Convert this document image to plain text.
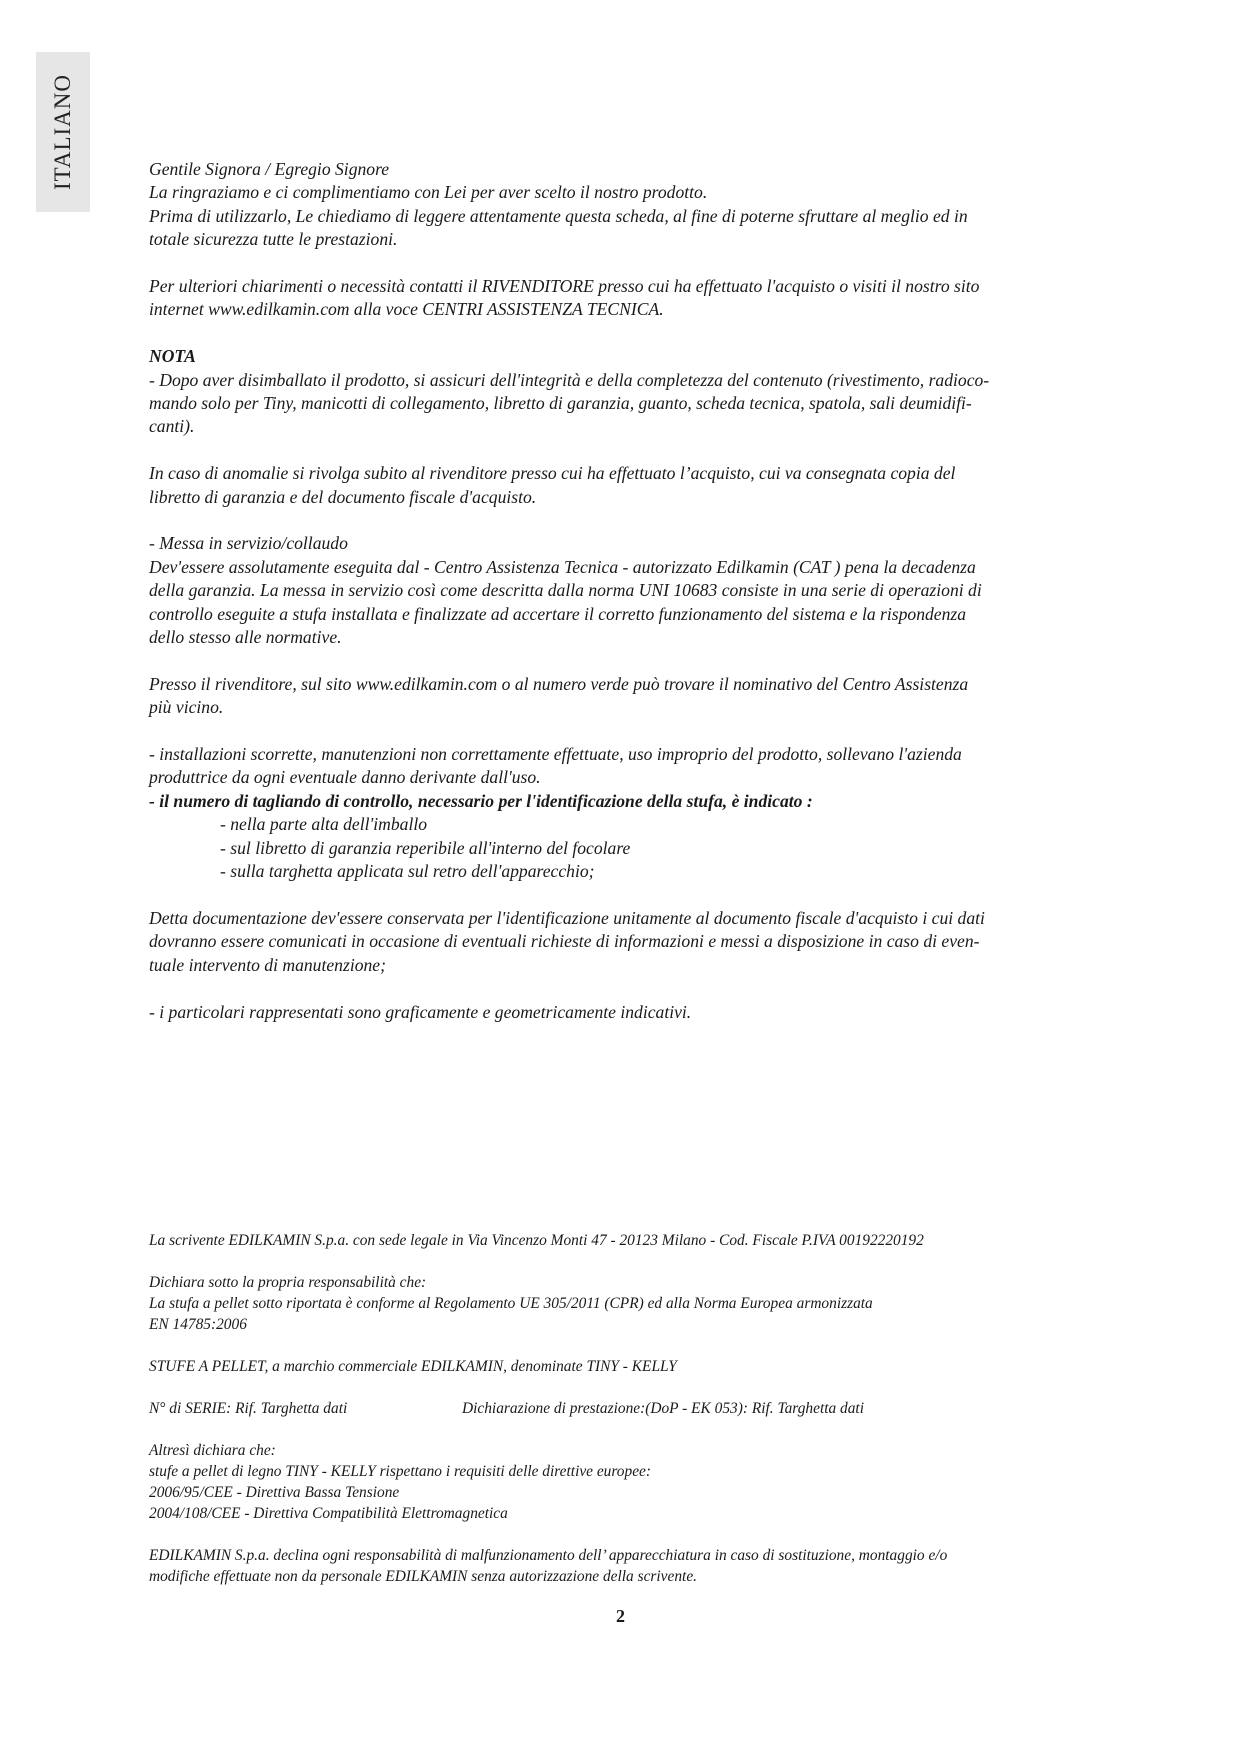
ITALIANO	Gentile Signora / Egregio Signore
La ringraziamo e ci complimentiamo con Lei per aver scelto il nostro prodotto.
Prima di utilizzarlo, Le chiediamo di leggere attentamente questa scheda, al fine di poterne sfruttare al meglio ed in
totale sicurezza tutte le prestazioni.

Per ulteriori chiarimenti o necessità contatti il RIVENDITORE presso cui ha effettuato l'acquisto o visiti il nostro sito
internet www.edilkamin.com alla voce CENTRI ASSISTENZA TECNICA.

NOTA
- Dopo aver disimballato il prodotto, si assicuri dell'integrità e della completezza del contenuto (rivestimento, radioco-
mando solo per Tiny, manicotti di collegamento, libretto di garanzia, guanto, scheda tecnica, spatola, sali deumidifi-
canti).

In caso di anomalie si rivolga subito al rivenditore presso cui ha effettuato l’acquisto, cui va consegnata copia del
libretto di garanzia e del documento fiscale d'acquisto.

- Messa in servizio/collaudo
Dev'essere assolutamente eseguita dal - Centro Assistenza Tecnica - autorizzato Edilkamin (CAT ) pena la decadenza
della garanzia. La messa in servizio così come descritta dalla norma UNI 10683 consiste in una serie di operazioni di
controllo eseguite a stufa installata e finalizzate ad accertare il corretto funzionamento del sistema e la rispondenza
dello stesso alle normative.

Presso il rivenditore, sul sito www.edilkamin.com o al numero verde può trovare il nominativo del Centro Assistenza
più vicino.

- installazioni scorrette, manutenzioni non correttamente effettuate, uso improprio del prodotto, sollevano l'azienda
produttrice da ogni eventuale danno derivante dall'uso.
- il numero di tagliando di controllo, necessario per l'identificazione della stufa, è indicato :
- nella parte alta dell'imballo
- sul libretto di garanzia reperibile all'interno del focolare
- sulla targhetta applicata sul retro dell'apparecchio;

Detta documentazione dev'essere conservata per l'identificazione unitamente al documento fiscale d'acquisto i cui dati
dovranno essere comunicati in occasione di eventuali richieste di informazioni e messi a disposizione in caso di even-
tuale intervento di manutenzione;

- i particolari rappresentati sono graficamente e geometricamente indicativi.

La scrivente EDILKAMIN S.p.a. con sede legale in Via Vincenzo Monti 47 - 20123 Milano - Cod. Fiscale P.IVA 00192220192

Dichiara sotto la propria responsabilità che:
La stufa a pellet sotto riportata è conforme al Regolamento UE 305/2011 (CPR) ed alla Norma Europea armonizzata
EN 14785:2006

STUFE A PELLET, a marchio commerciale EDILKAMIN, denominate TINY - KELLY

N° di SERIE: Rif. Targhetta dati	Dichiarazione di prestazione:(DoP - EK 053): Rif. Targhetta dati

Altresì dichiara che:
stufe a pellet di legno TINY - KELLY rispettano i requisiti delle direttive europee:
2006/95/CEE - Direttiva Bassa Tensione
2004/108/CEE - Direttiva Compatibilità Elettromagnetica

EDILKAMIN S.p.a. declina ogni responsabilità di malfunzionamento dell’ apparecchiatura in caso di sostituzione, montaggio e/o
modifiche effettuate non da personale EDILKAMIN senza autorizzazione della scrivente.

2
